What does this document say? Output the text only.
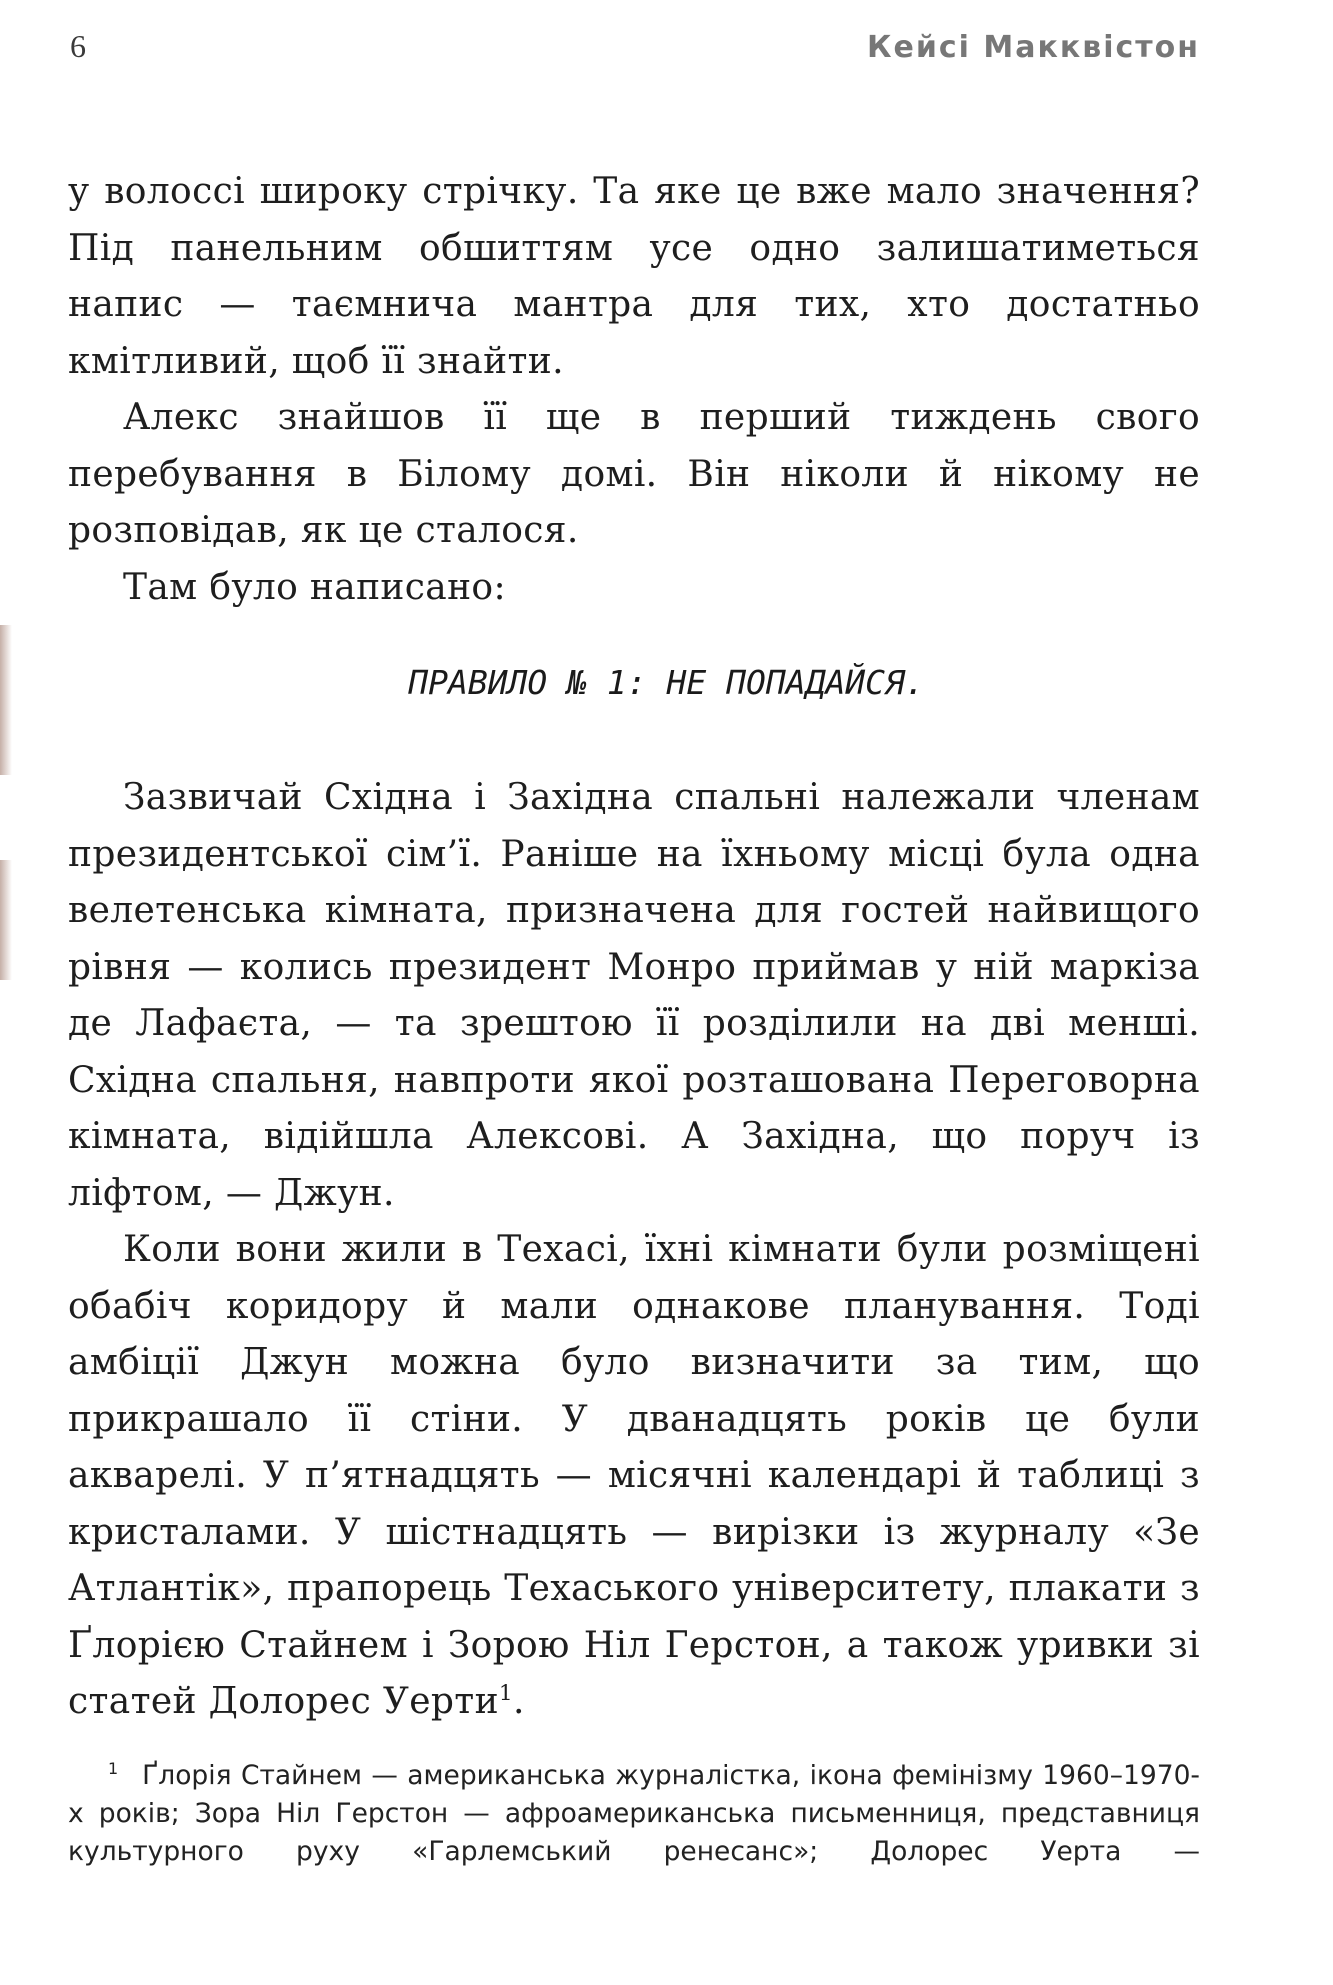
6	Кейсі Макквістон

у волоссі широку стрічку. Та яке це вже мало значення? Під панельним обшиттям усе одно залишатиметься напис — таємнича мантра для тих, хто достатньо кмітливий, щоб її знайти.

Алекс знайшов її ще в перший тиждень свого перебування в Білому домі. Він ніколи й нікому не розповідав, як це сталося.

Там було написано:

ПРАВИЛО № 1: НЕ ПОПАДАЙСЯ.

Зазвичай Східна і Західна спальні належали членам президентської сім’ї. Раніше на їхньому місці була одна велетенська кімната, призначена для гостей найвищого рівня — колись президент Монро приймав у ній маркіза де Лафаєта, — та зрештою її розділили на дві менші. Східна спальня, навпроти якої розташована Переговорна кімната, відійшла Алексові. А Західна, що поруч із ліфтом, — Джун.

Коли вони жили в Техасі, їхні кімнати були розміщені обабіч коридору й мали однакове планування. Тоді амбіції Джун можна було визначити за тим, що прикрашало її стіни. У дванадцять років це були акварелі. У п’ятнадцять — місячні календарі й таблиці з кристалами. У шістнадцять — вирізки із журналу «Зе Атлантік», прапорець Техаського університету, плакати з Ґлорією Стайнем і Зорою Ніл Герстон, а також уривки зі статей Долорес Уерти$^1$.

$^1$ Ґлорія Стайнем — американська журналістка, ікона фемінізму 1960–1970-х років; Зора Ніл Герстон — афроамериканська письменниця, представниця культурного руху «Гарлемський ренесанс»; Долорес Уерта —
